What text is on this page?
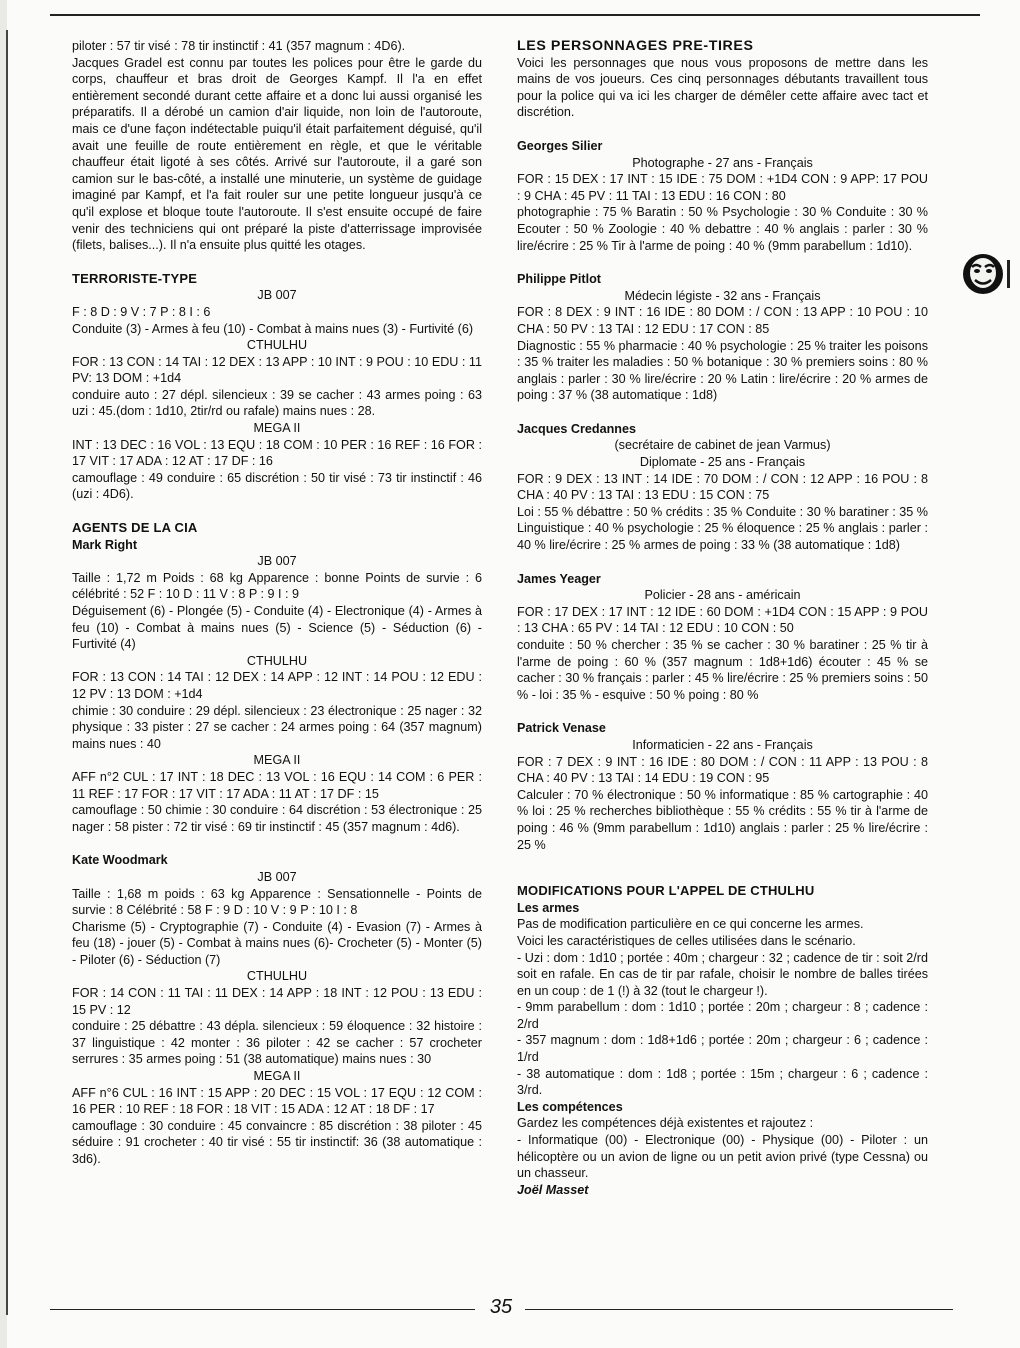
piloter : 57 tir visé : 78 tir instinctif : 41 (357 magnum : 4D6).

Jacques Gradel est connu par toutes les polices pour être le garde du corps, chauffeur et bras droit de Georges Kampf. Il l'a en effet entièrement secondé durant cette affaire et a donc lui aussi organisé les préparatifs. Il a dérobé un camion d'air liquide, non loin de l'autoroute, mais ce d'une façon indétectable puiqu'il était parfaitement déguisé, qu'il avait une feuille de route entièrement en règle, et que le véritable chauffeur était ligoté à ses côtés. Arrivé sur l'autoroute, il a garé son camion sur le bas-côté, a installé une minuterie, un système de guidage imaginé par Kampf, et l'a fait rouler sur une petite longueur jusqu'à ce qu'il explose et bloque toute l'autoroute. Il s'est ensuite occupé de faire venir des techniciens qui ont préparé la piste d'atterrissage improvisée (filets, balises...). Il n'a ensuite plus quitté les otages.

TERRORISTE-TYPE

JB 007

F : 8 D : 9 V : 7 P : 8 I : 6

Conduite (3) - Armes à feu (10) - Combat à mains nues (3) - Furtivité (6)

CTHULHU

FOR : 13 CON : 14 TAI : 12 DEX : 13 APP : 10 INT : 9 POU : 10 EDU : 11 PV: 13 DOM : +1d4

conduire auto : 27 dépl. silencieux : 39 se cacher : 43 armes poing : 63 uzi : 45.(dom : 1d10, 2tir/rd ou rafale) mains nues : 28.

MEGA II

INT : 13 DEC : 16 VOL : 13 EQU : 18 COM : 10 PER : 16 REF : 16 FOR : 17 VIT : 17 ADA : 12 AT : 17 DF : 16

camouflage : 49 conduire : 65 discrétion : 50 tir visé : 73 tir instinctif : 46 (uzi : 4D6).

AGENTS DE LA CIA

Mark Right

JB 007

Taille : 1,72 m Poids : 68 kg Apparence : bonne Points de survie : 6 célébrité : 52 F : 10 D : 11 V : 8 P : 9 I : 9

Déguisement (6) - Plongée (5) - Conduite (4) - Electronique (4) - Armes à feu (10) - Combat à mains nues (5) - Science (5) - Séduction (6) - Furtivité (4)

CTHULHU

FOR : 13 CON : 14 TAI : 12 DEX : 14 APP : 12 INT : 14 POU : 12 EDU : 12 PV : 13 DOM : +1d4

chimie : 30 conduire : 29 dépl. silencieux : 23 électronique : 25 nager : 32 physique : 33 pister : 27 se cacher : 24 armes poing : 64 (357 magnum) mains nues : 40

MEGA II

AFF n°2 CUL : 17 INT : 18 DEC : 13 VOL : 16 EQU : 14 COM : 6 PER : 11 REF : 17 FOR : 17 VIT : 17 ADA : 11 AT : 17 DF : 15

camouflage : 50 chimie : 30 conduire : 64 discrétion : 53 électronique : 25 nager : 58 pister : 72 tir visé : 69 tir instinctif : 45 (357 magnum : 4d6).

Kate Woodmark

JB 007

Taille : 1,68 m poids : 63 kg Apparence : Sensationnelle - Points de survie : 8 Célébrité : 58 F : 9 D : 10 V : 9 P : 10 I : 8

Charisme (5) - Cryptographie (7) - Conduite (4) - Evasion (7) - Armes à feu (18) - jouer (5) - Combat à mains nues (6)- Crocheter (5) - Monter (5) - Piloter (6) - Séduction (7)

CTHULHU

FOR : 14 CON : 11 TAI : 11 DEX : 14 APP : 18 INT : 12 POU : 13 EDU : 15 PV : 12

conduire : 25 débattre : 43 dépla. silencieux : 59 éloquence : 32 histoire : 37 linguistique : 42 monter : 36 piloter : 42 se cacher : 57 crocheter serrures : 35 armes poing : 51 (38 automatique) mains nues : 30

MEGA II

AFF n°6 CUL : 16 INT : 15 APP : 20 DEC : 15 VOL : 17 EQU : 12 COM : 16 PER : 10 REF : 18 FOR : 18 VIT : 15 ADA : 12 AT : 18 DF : 17

camouflage : 30 conduire : 45 convaincre : 85 discrétion : 38 piloter : 45 séduire : 91 crocheter : 40 tir visé : 55 tir instinctif: 36 (38 automatique : 3d6).

LES PERSONNAGES PRE-TIRES

Voici les personnages que nous vous proposons de mettre dans les mains de vos joueurs. Ces cinq personnages débutants travaillent tous pour la police qui va ici les charger de démêler cette affaire avec tact et discrétion.

Georges Silier

Photographe - 27 ans - Français

FOR : 15 DEX : 17 INT : 15 IDE : 75 DOM : +1D4 CON : 9 APP: 17 POU : 9 CHA : 45 PV : 11 TAI : 13 EDU : 16 CON : 80

photographie : 75 % Baratin : 50 % Psychologie : 30 % Conduite : 30 % Ecouter : 50 % Zoologie : 40 % debattre : 40 % anglais : parler : 30 % lire/écrire : 25 % Tir à l'arme de poing : 40 % (9mm parabellum : 1d10).

Philippe Pitlot

Médecin légiste - 32 ans - Français

FOR : 8 DEX : 9 INT : 16 IDE : 80 DOM : / CON : 13 APP : 10 POU : 10 CHA : 50 PV : 13 TAI : 12 EDU : 17 CON : 85

Diagnostic : 55 % pharmacie : 40 % psychologie : 25 % traiter les poisons : 35 % traiter les maladies : 50 % botanique : 30 % premiers soins : 80 % anglais : parler : 30 % lire/écrire : 20 % Latin : lire/écrire : 20 % armes de poing : 37 % (38 automatique : 1d8)

Jacques Credannes

(secrétaire de cabinet de jean Varmus)

Diplomate - 25 ans - Français

FOR : 9 DEX : 13 INT : 14 IDE : 70 DOM : / CON : 12 APP : 16 POU : 8 CHA : 40 PV : 13 TAI : 13 EDU : 15 CON : 75

Loi : 55 % débattre : 50 % crédits : 35 % Conduite : 30 % baratiner : 35 % Linguistique : 40 % psychologie : 25 % éloquence : 25 % anglais : parler : 40 % lire/écrire : 25 % armes de poing : 33 % (38 automatique : 1d8)

James Yeager

Policier - 28 ans - américain

FOR : 17 DEX : 17 INT : 12 IDE : 60 DOM : +1D4 CON : 15 APP : 9 POU : 13 CHA : 65 PV : 14 TAI : 12 EDU : 10 CON : 50

conduite : 50 % chercher : 35 % se cacher : 30 % baratiner : 25 % tir à l'arme de poing : 60 % (357 magnum : 1d8+1d6) écouter : 45 % se cacher : 30 % français : parler : 45 % lire/écrire : 25 % premiers soins : 50 % - loi : 35 % - esquive : 50 % poing : 80 %

Patrick Venase

Informaticien - 22 ans - Français

FOR : 7 DEX : 9 INT : 16 IDE : 80 DOM : / CON : 11 APP : 13 POU : 8 CHA : 40 PV : 13 TAI : 14 EDU : 19 CON : 95

Calculer : 70 % électronique : 50 % informatique : 85 % cartographie : 40 % loi : 25 % recherches bibliothèque : 55 % crédits : 55 % tir à l'arme de poing : 46 % (9mm parabellum : 1d10) anglais : parler : 25 % lire/écrire : 25 %

MODIFICATIONS POUR L'APPEL DE CTHULHU

Les armes

Pas de modification particulière en ce qui concerne les armes.

Voici les caractéristiques de celles utilisées dans le scénario.

- Uzi : dom : 1d10 ; portée : 40m ; chargeur : 32 ; cadence de tir : soit 2/rd soit en rafale. En cas de tir par rafale, choisir le nombre de balles tirées en un coup : de 1 (!) à 32 (tout le chargeur !).

- 9mm parabellum : dom : 1d10 ; portée : 20m ; chargeur : 8 ; cadence : 2/rd

- 357 magnum : dom : 1d8+1d6 ; portée : 20m ; chargeur : 6 ; cadence : 1/rd

- 38 automatique : dom : 1d8 ; portée : 15m ; chargeur : 6 ; cadence : 3/rd.

Les compétences

Gardez les compétences déjà existentes et rajoutez :

- Informatique (00) - Electronique (00) - Physique (00) - Piloter : un hélicoptère ou un avion de ligne ou un petit avion privé (type Cessna) ou un chasseur.

Joël Masset

35
